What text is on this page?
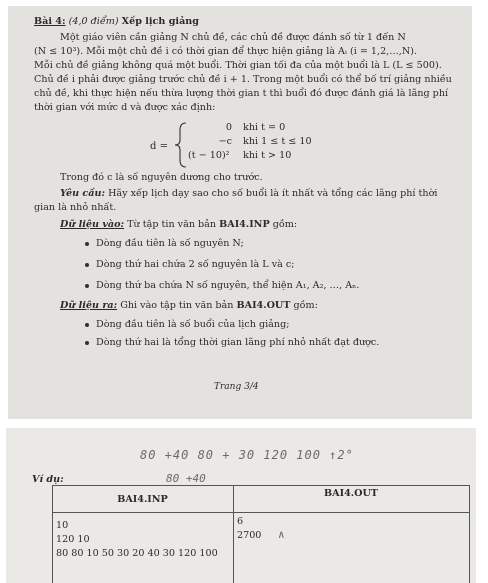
Bài 4: (4,0 điểm) Xếp lịch giảng
Một giáo viên cần giảng N chủ đề, các chủ đề được đánh số từ 1 đến N
(N ≤ 10³). Mỗi một chủ đề i có thời gian để thực hiện giảng là Aᵢ (i = 1,2,…,N).
Mỗi chủ đề giảng không quá một buổi. Thời gian tối đa của một buổi là L (L ≤ 500).
Chủ đề i phải được giảng trước chủ đề i + 1. Trong một buổi có thể bố trí giảng nhiều
chủ đề, khi thực hiện nếu thừa lượng thời gian t thì buổi đó được đánh giá là lãng phí
thời gian với mức d và được xác định:
d =
0 khi t = 0
−c khi 1 ≤ t ≤ 10
(t − 10)² khi t > 10
Trong đó c là số nguyên dương cho trước.
Yêu cầu: Hãy xếp lịch dạy sao cho số buổi là ít nhất và tổng các lãng phí thời
gian là nhỏ nhất.
Dữ liệu vào: Từ tập tin văn bản BAI4.INP gồm:
Dòng đầu tiên là số nguyên N;
Dòng thứ hai chứa 2 số nguyên là L và c;
Dòng thứ ba chứa N số nguyên, thể hiện A₁, A₂, …, Aₙ.
Dữ liệu ra: Ghi vào tập tin văn bản BAI4.OUT gồm:
Dòng đầu tiên là số buổi của lịch giảng;
Dòng thứ hai là tổng thời gian lãng phí nhỏ nhất đạt được.
Trang 3/4
80 +40 80 + 30 120 100 ↑2°
80 +40
Ví dụ:
BAI4.INP
BAI4.OUT
10
120 10
80 80 10 50 30 20 40 30 120 100
6
2700 ∧
